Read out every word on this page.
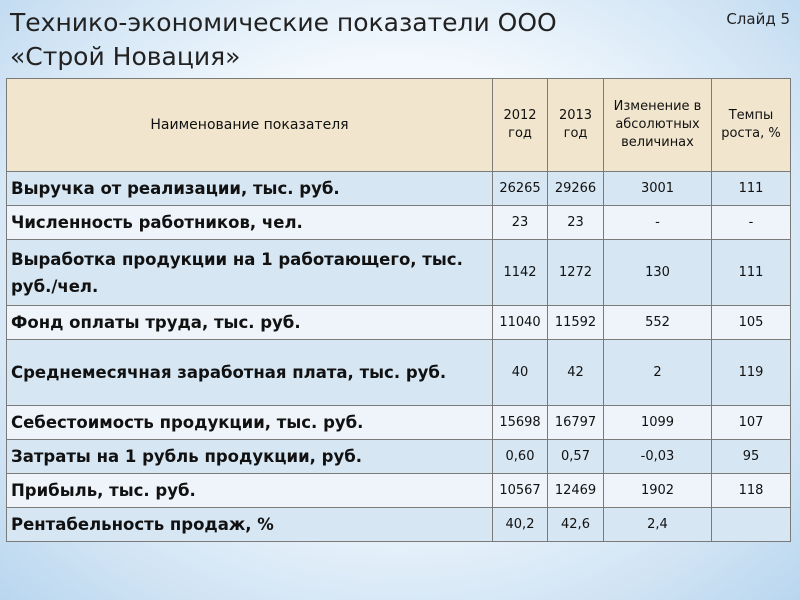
Технико-экономические показатели ООО «Строй Новация»
Слайд 5
Наименование показателя	2012 год	2013 год	Изменение в абсолютных величинах	Темпы роста, %
Выручка от реализации, тыс. руб.	26265	29266	3001	111
Численность работников, чел.	23	23	-	-
Выработка продукции на 1 работающего, тыс. руб./чел.	1142	1272	130	111
Фонд оплаты труда, тыс. руб.	11040	11592	552	105
Среднемесячная заработная плата, тыс. руб.	40	42	2	119
Себестоимость продукции, тыс. руб.	15698	16797	1099	107
Затраты на 1 рубль продукции, руб.	0,60	0,57	-0,03	95
Прибыль, тыс. руб.	10567	12469	1902	118
Рентабельность продаж, %	40,2	42,6	2,4	
